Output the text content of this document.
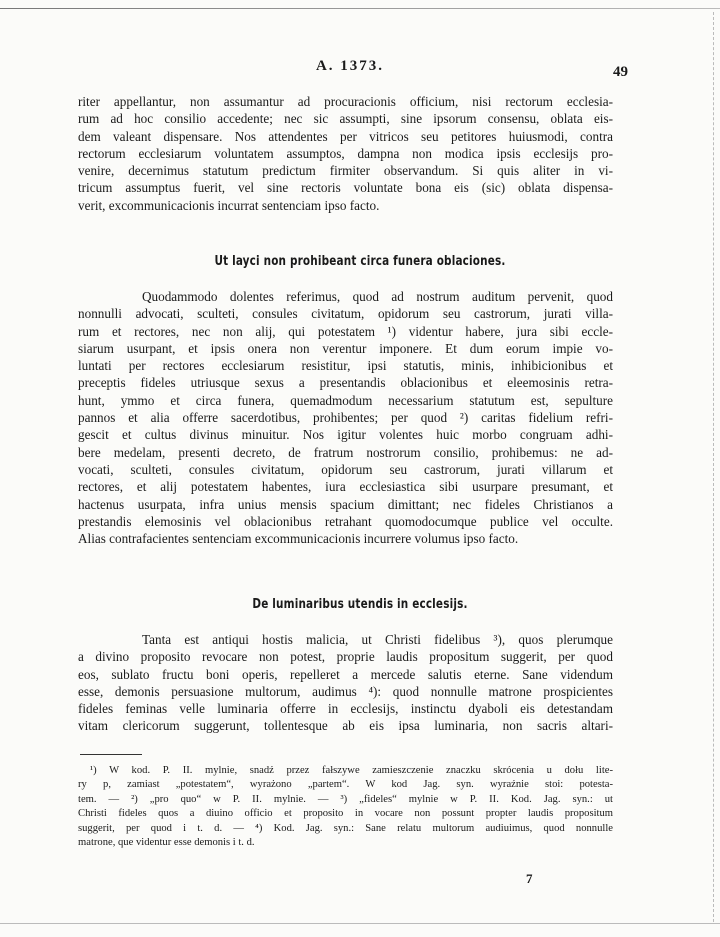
A. 1373.	49
riter appellantur, non assumantur ad procuracionis officium, nisi rectorum ecclesia-
rum ad hoc consilio accedente; nec sic assumpti, sine ipsorum consensu, oblata eis-
dem valeant dispensare. Nos attendentes per vitricos seu petitores huiusmodi, contra
rectorum ecclesiarum voluntatem assumptos, dampna non modica ipsis ecclesijs pro-
venire, decernimus statutum predictum firmiter observandum. Si quis aliter in vi-
tricum assumptus fuerit, vel sine rectoris voluntate bona eis (sic) oblata dispensa-
verit, excommunicacionis incurrat sentenciam ipso facto.
Ut layci non prohibeant circa funera oblaciones.
Quodammodo dolentes referimus, quod ad nostrum auditum pervenit, quod
nonnulli advocati, sculteti, consules civitatum, opidorum seu castrorum, jurati villa-
rum et rectores, nec non alij, qui potestatem ¹) videntur habere, jura sibi eccle-
siarum usurpant, et ipsis onera non verentur imponere. Et dum eorum impie vo-
luntati per rectores ecclesiarum resistitur, ipsi statutis, minis, inhibicionibus et
preceptis fideles utriusque sexus a presentandis oblacionibus et eleemosinis retra-
hunt, ymmo et circa funera, quemadmodum necessarium statutum est, sepulture
pannos et alia offerre sacerdotibus, prohibentes; per quod ²) caritas fidelium refri-
gescit et cultus divinus minuitur. Nos igitur volentes huic morbo congruam adhi-
bere medelam, presenti decreto, de fratrum nostrorum consilio, prohibemus: ne ad-
vocati, sculteti, consules civitatum, opidorum seu castrorum, jurati villarum et
rectores, et alij potestatem habentes, iura ecclesiastica sibi usurpare presumant, et
hactenus usurpata, infra unius mensis spacium dimittant; nec fideles Christianos a
prestandis elemosinis vel oblacionibus retrahant quomodocumque publice vel occulte.
Alias contrafacientes sentenciam excommunicacionis incurrere volumus ipso facto.
De luminaribus utendis in ecclesijs.
Tanta est antiqui hostis malicia, ut Christi fidelibus ³), quos plerumque
a divino proposito revocare non potest, proprie laudis propositum suggerit, per quod
eos, sublato fructu boni operis, repelleret a mercede salutis eterne. Sane videndum
esse, demonis persuasione multorum, audimus ⁴): quod nonnulle matrone prospicientes
fideles feminas velle luminaria offerre in ecclesijs, instinctu dyaboli eis detestandam
vitam clericorum suggerunt, tollentesque ab eis ipsa luminaria, non sacris altari-
¹) W kod. P. II. mylnie, snadź przez fałszywe zamieszczenie znaczku skrócenia u dołu lite-
ry p, zamiast „potestatem“, wyrażono „partem“. W kod Jag. syn. wyraźnie stoi: potesta-
tem. — ²) „pro quo“ w P. II. mylnie. — ³) „fideles“ mylnie w P. II. Kod. Jag. syn.: ut
Christi fideles quos a diuino officio et proposito in vocare non possunt propter laudis propositum
suggerit, per quod i t. d. — ⁴) Kod. Jag. syn.: Sane relatu multorum audiuimus, quod nonnulle
matrone, que videntur esse demonis i t. d.
7
